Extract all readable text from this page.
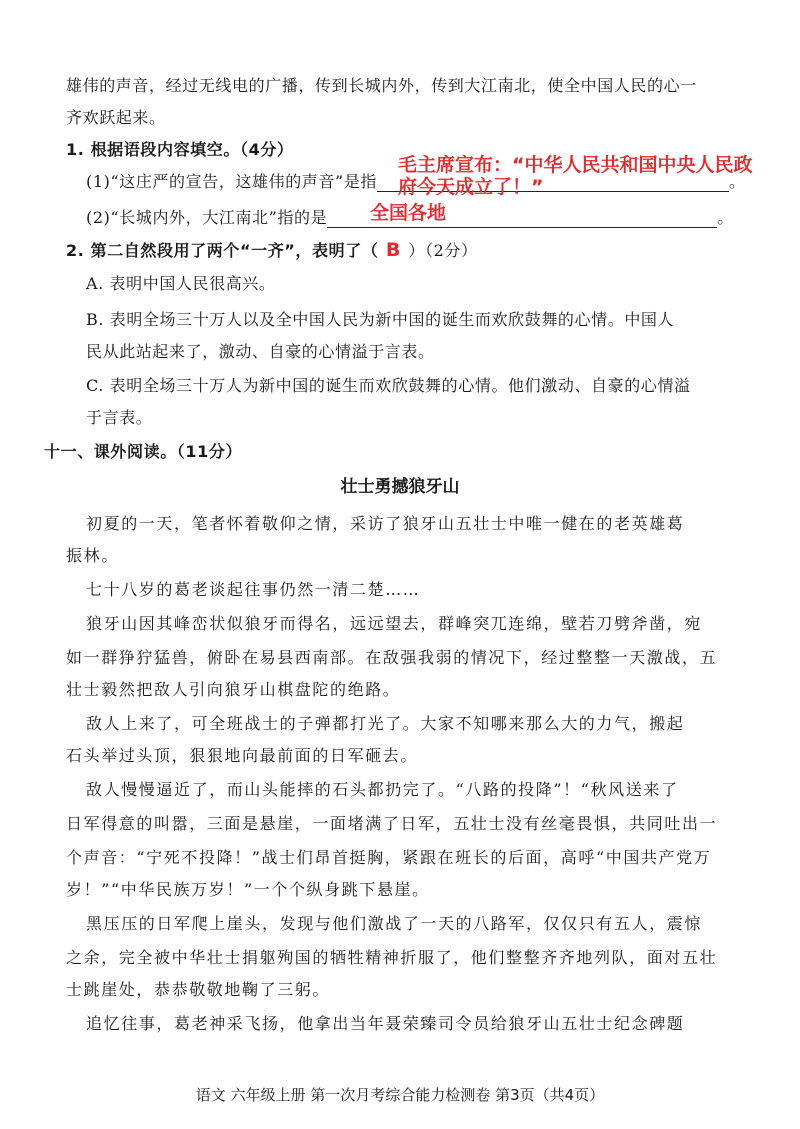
雄伟的声音，经过无线电的广播，传到长城内外，传到大江南北，使全中国人民的心一
齐欢跃起来。
1. 根据语段内容填空。（4分）
(1)“这庄严的宣告，这雄伟的声音”是指	。
毛主席宣布：“中华人民共和国中央人民政
府今天成立了！”
(2)“长城内外，大江南北”指的是	。
全国各地
2. 第二自然段用了两个“一齐”，表明了（ B ）（2分）
A. 表明中国人民很高兴。
B. 表明全场三十万人以及全中国人民为新中国的诞生而欢欣鼓舞的心情。中国人
民从此站起来了，激动、自豪的心情溢于言表。
C. 表明全场三十万人为新中国的诞生而欢欣鼓舞的心情。他们激动、自豪的心情溢
于言表。
十一、课外阅读。（11分）
壮士勇撼狼牙山
初夏的一天，笔者怀着敬仰之情，采访了狼牙山五壮士中唯一健在的老英雄葛
振林。
七十八岁的葛老谈起往事仍然一清二楚……
狼牙山因其峰峦状似狼牙而得名，远远望去，群峰突兀连绵，壁若刀劈斧凿，宛
如一群狰狞猛兽，俯卧在易县西南部。在敌强我弱的情况下，经过整整一天激战，五
壮士毅然把敌人引向狼牙山棋盘陀的绝路。
敌人上来了，可全班战士的子弹都打光了。大家不知哪来那么大的力气，搬起
石头举过头顶，狠狠地向最前面的日军砸去。
敌人慢慢逼近了，而山头能摔的石头都扔完了。“八路的投降”！“秋风送来了
日军得意的叫嚣，三面是悬崖，一面堵满了日军，五壮士没有丝毫畏惧，共同吐出一
个声音：“宁死不投降！”战士们昂首挺胸，紧跟在班长的后面，高呼“中国共产党万
岁！”“中华民族万岁！”一个个纵身跳下悬崖。
黑压压的日军爬上崖头，发现与他们激战了一天的八路军，仅仅只有五人，震惊
之余，完全被中华壮士捐躯殉国的牺牲精神折服了，他们整整齐齐地列队，面对五壮
士跳崖处，恭恭敬敬地鞠了三躬。
追忆往事，葛老神采飞扬，他拿出当年聂荣臻司令员给狼牙山五壮士纪念碑题
语文 六年级上册 第一次月考综合能力检测卷 第3页（共4页）
